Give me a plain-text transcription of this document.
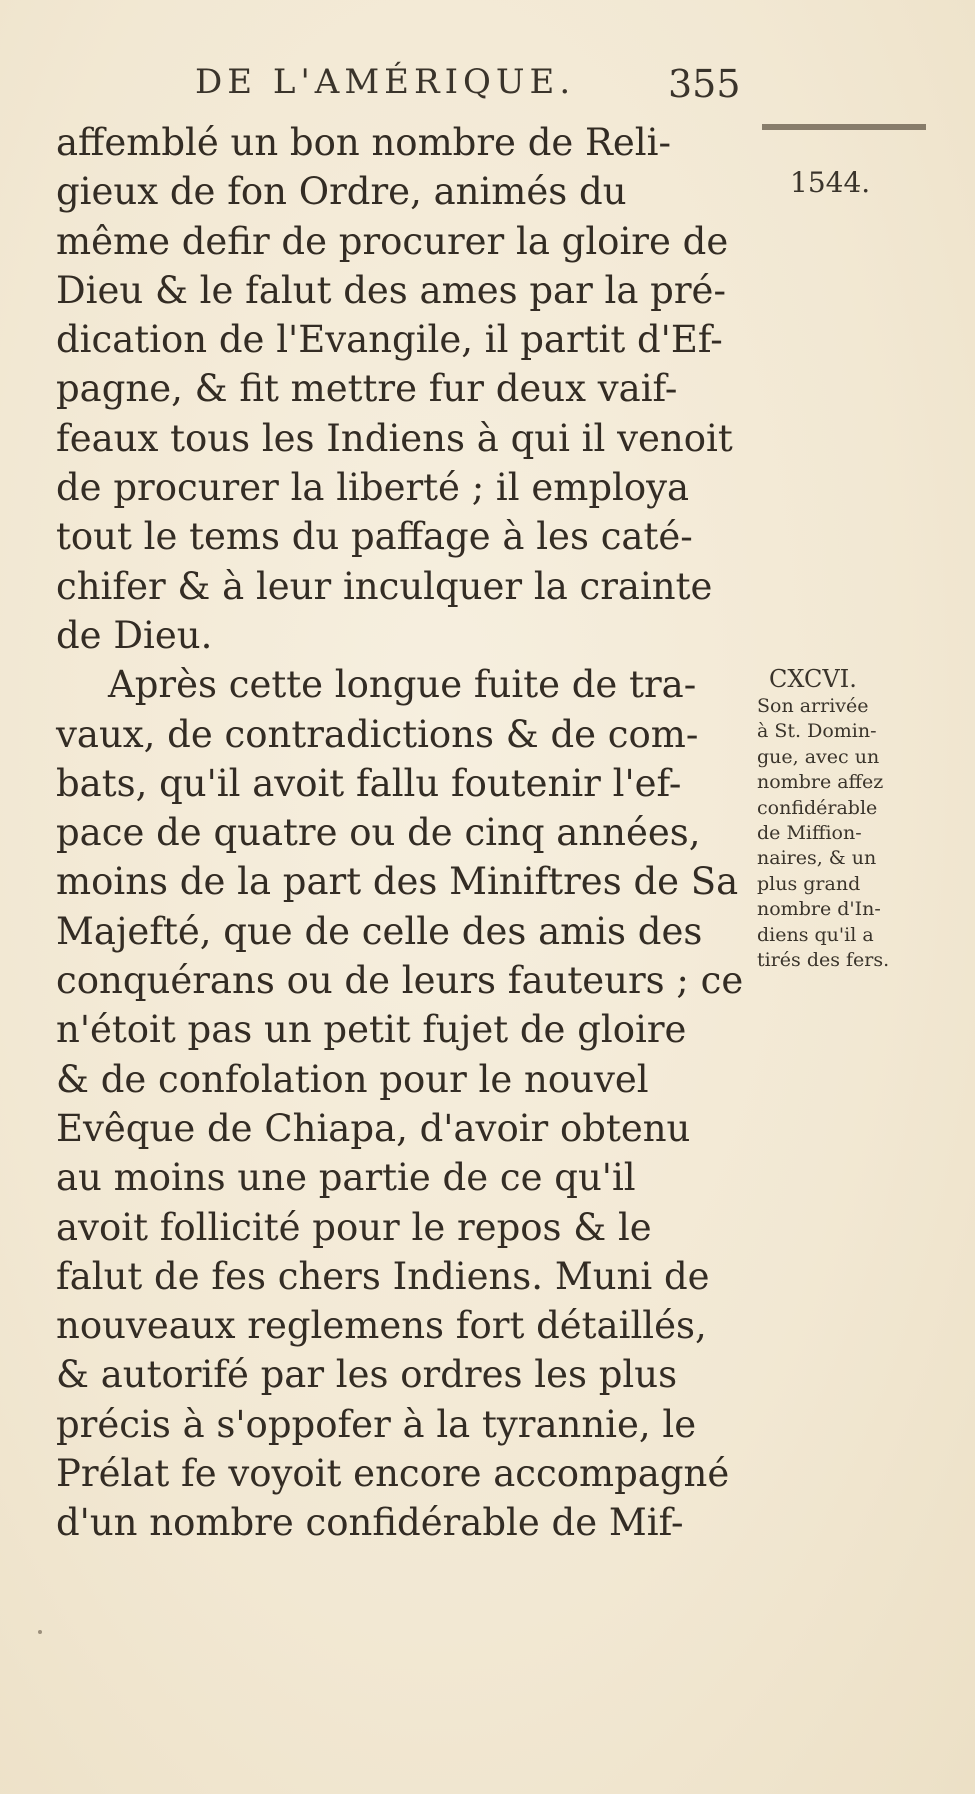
DE L'AMÉRIQUE. 355
1544.
affemblé un bon nombre de Reli-
gieux de fon Ordre, animés du
même defir de procurer la gloire de
Dieu & le falut des ames par la pré-
dication de l'Evangile, il partit d'Ef-
pagne, & fit mettre fur deux vaif-
feaux tous les Indiens à qui il venoit
de procurer la liberté ; il employa
tout le tems du paffage à les caté-
chifer & à leur inculquer la crainte
de Dieu.
Après cette longue fuite de tra-
vaux, de contradictions & de com-
bats, qu'il avoit fallu foutenir l'ef-
pace de quatre ou de cinq années,
moins de la part des Miniftres de Sa
Majefté, que de celle des amis des
conquérans ou de leurs fauteurs ; ce
n'étoit pas un petit fujet de gloire
& de confolation pour le nouvel
Evêque de Chiapa, d'avoir obtenu
au moins une partie de ce qu'il
avoit follicité pour le repos & le
falut de fes chers Indiens. Muni de
nouveaux reglemens fort détaillés,
& autorifé par les ordres les plus
précis à s'oppofer à la tyrannie, le
Prélat fe voyoit encore accompagné
d'un nombre confidérable de Mif-
CXCVI.
Son arrivée
à St. Domin-
gue, avec un
nombre affez
confidérable
de Miffion-
naires, & un
plus grand
nombre d'In-
diens qu'il a
tirés des fers.
